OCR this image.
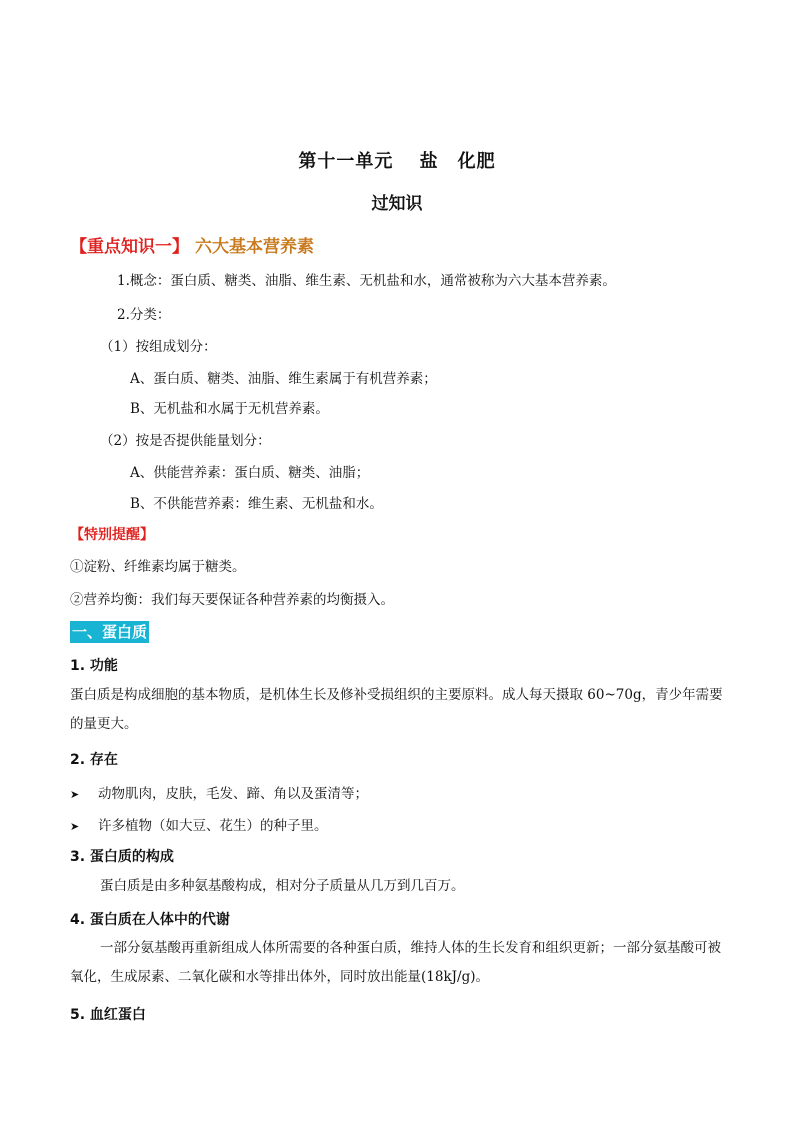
第十一单元　 盐　化肥
过知识
【重点知识一】 六大基本营养素
1.概念：蛋白质、糖类、油脂、维生素、无机盐和水，通常被称为六大基本营养素。
2.分类：
（1）按组成划分：
A、蛋白质、糖类、油脂、维生素属于有机营养素；
B、无机盐和水属于无机营养素。
（2）按是否提供能量划分：
A、供能营养素：蛋白质、糖类、油脂；
B、不供能营养素：维生素、无机盐和水。
【特别提醒】
①淀粉、纤维素均属于糖类。
②营养均衡：我们每天要保证各种营养素的均衡摄入。
一、蛋白质
1. 功能
蛋白质是构成细胞的基本物质，是机体生长及修补受损组织的主要原料。成人每天摄取 60~70g，青少年需要的量更大。
2. 存在
➤ 动物肌肉，皮肤，毛发、蹄、角以及蛋清等；
➤ 许多植物（如大豆、花生）的种子里。
3. 蛋白质的构成
蛋白质是由多种氨基酸构成，相对分子质量从几万到几百万。
4. 蛋白质在人体中的代谢
一部分氨基酸再重新组成人体所需要的各种蛋白质，维持人体的生长发育和组织更新；一部分氨基酸可被氧化，生成尿素、二氧化碳和水等排出体外，同时放出能量(18kJ/g)。
5. 血红蛋白
